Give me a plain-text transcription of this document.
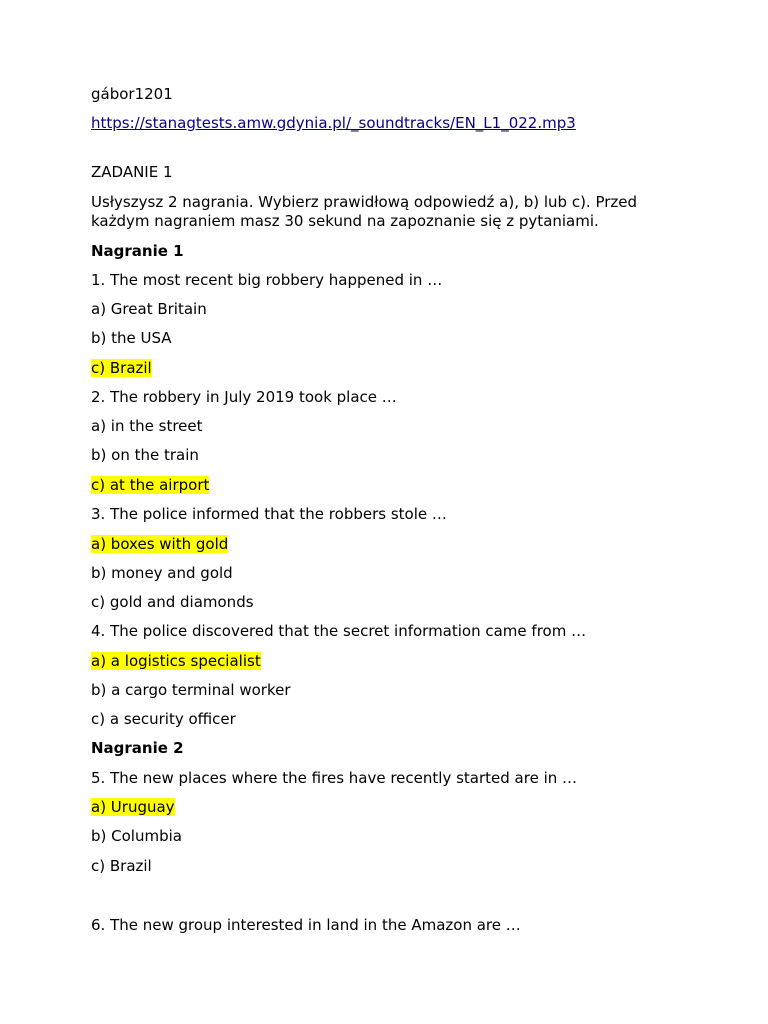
gábor1201
https://stanagtests.amw.gdynia.pl/_soundtracks/EN_L1_022.mp3
ZADANIE 1
Usłyszysz 2 nagrania. Wybierz prawidłową odpowiedź a), b) lub c). Przed
każdym nagraniem masz 30 sekund na zapoznanie się z pytaniami.
Nagranie 1
1. The most recent big robbery happened in …
a) Great Britain
b) the USA
c) Brazil
2. The robbery in July 2019 took place …
a) in the street
b) on the train
c) at the airport
3. The police informed that the robbers stole …
a) boxes with gold
b) money and gold
c) gold and diamonds
4. The police discovered that the secret information came from …
a) a logistics specialist
b) a cargo terminal worker
c) a security officer
Nagranie 2
5. The new places where the fires have recently started are in …
a) Uruguay
b) Columbia
c) Brazil
6. The new group interested in land in the Amazon are …
